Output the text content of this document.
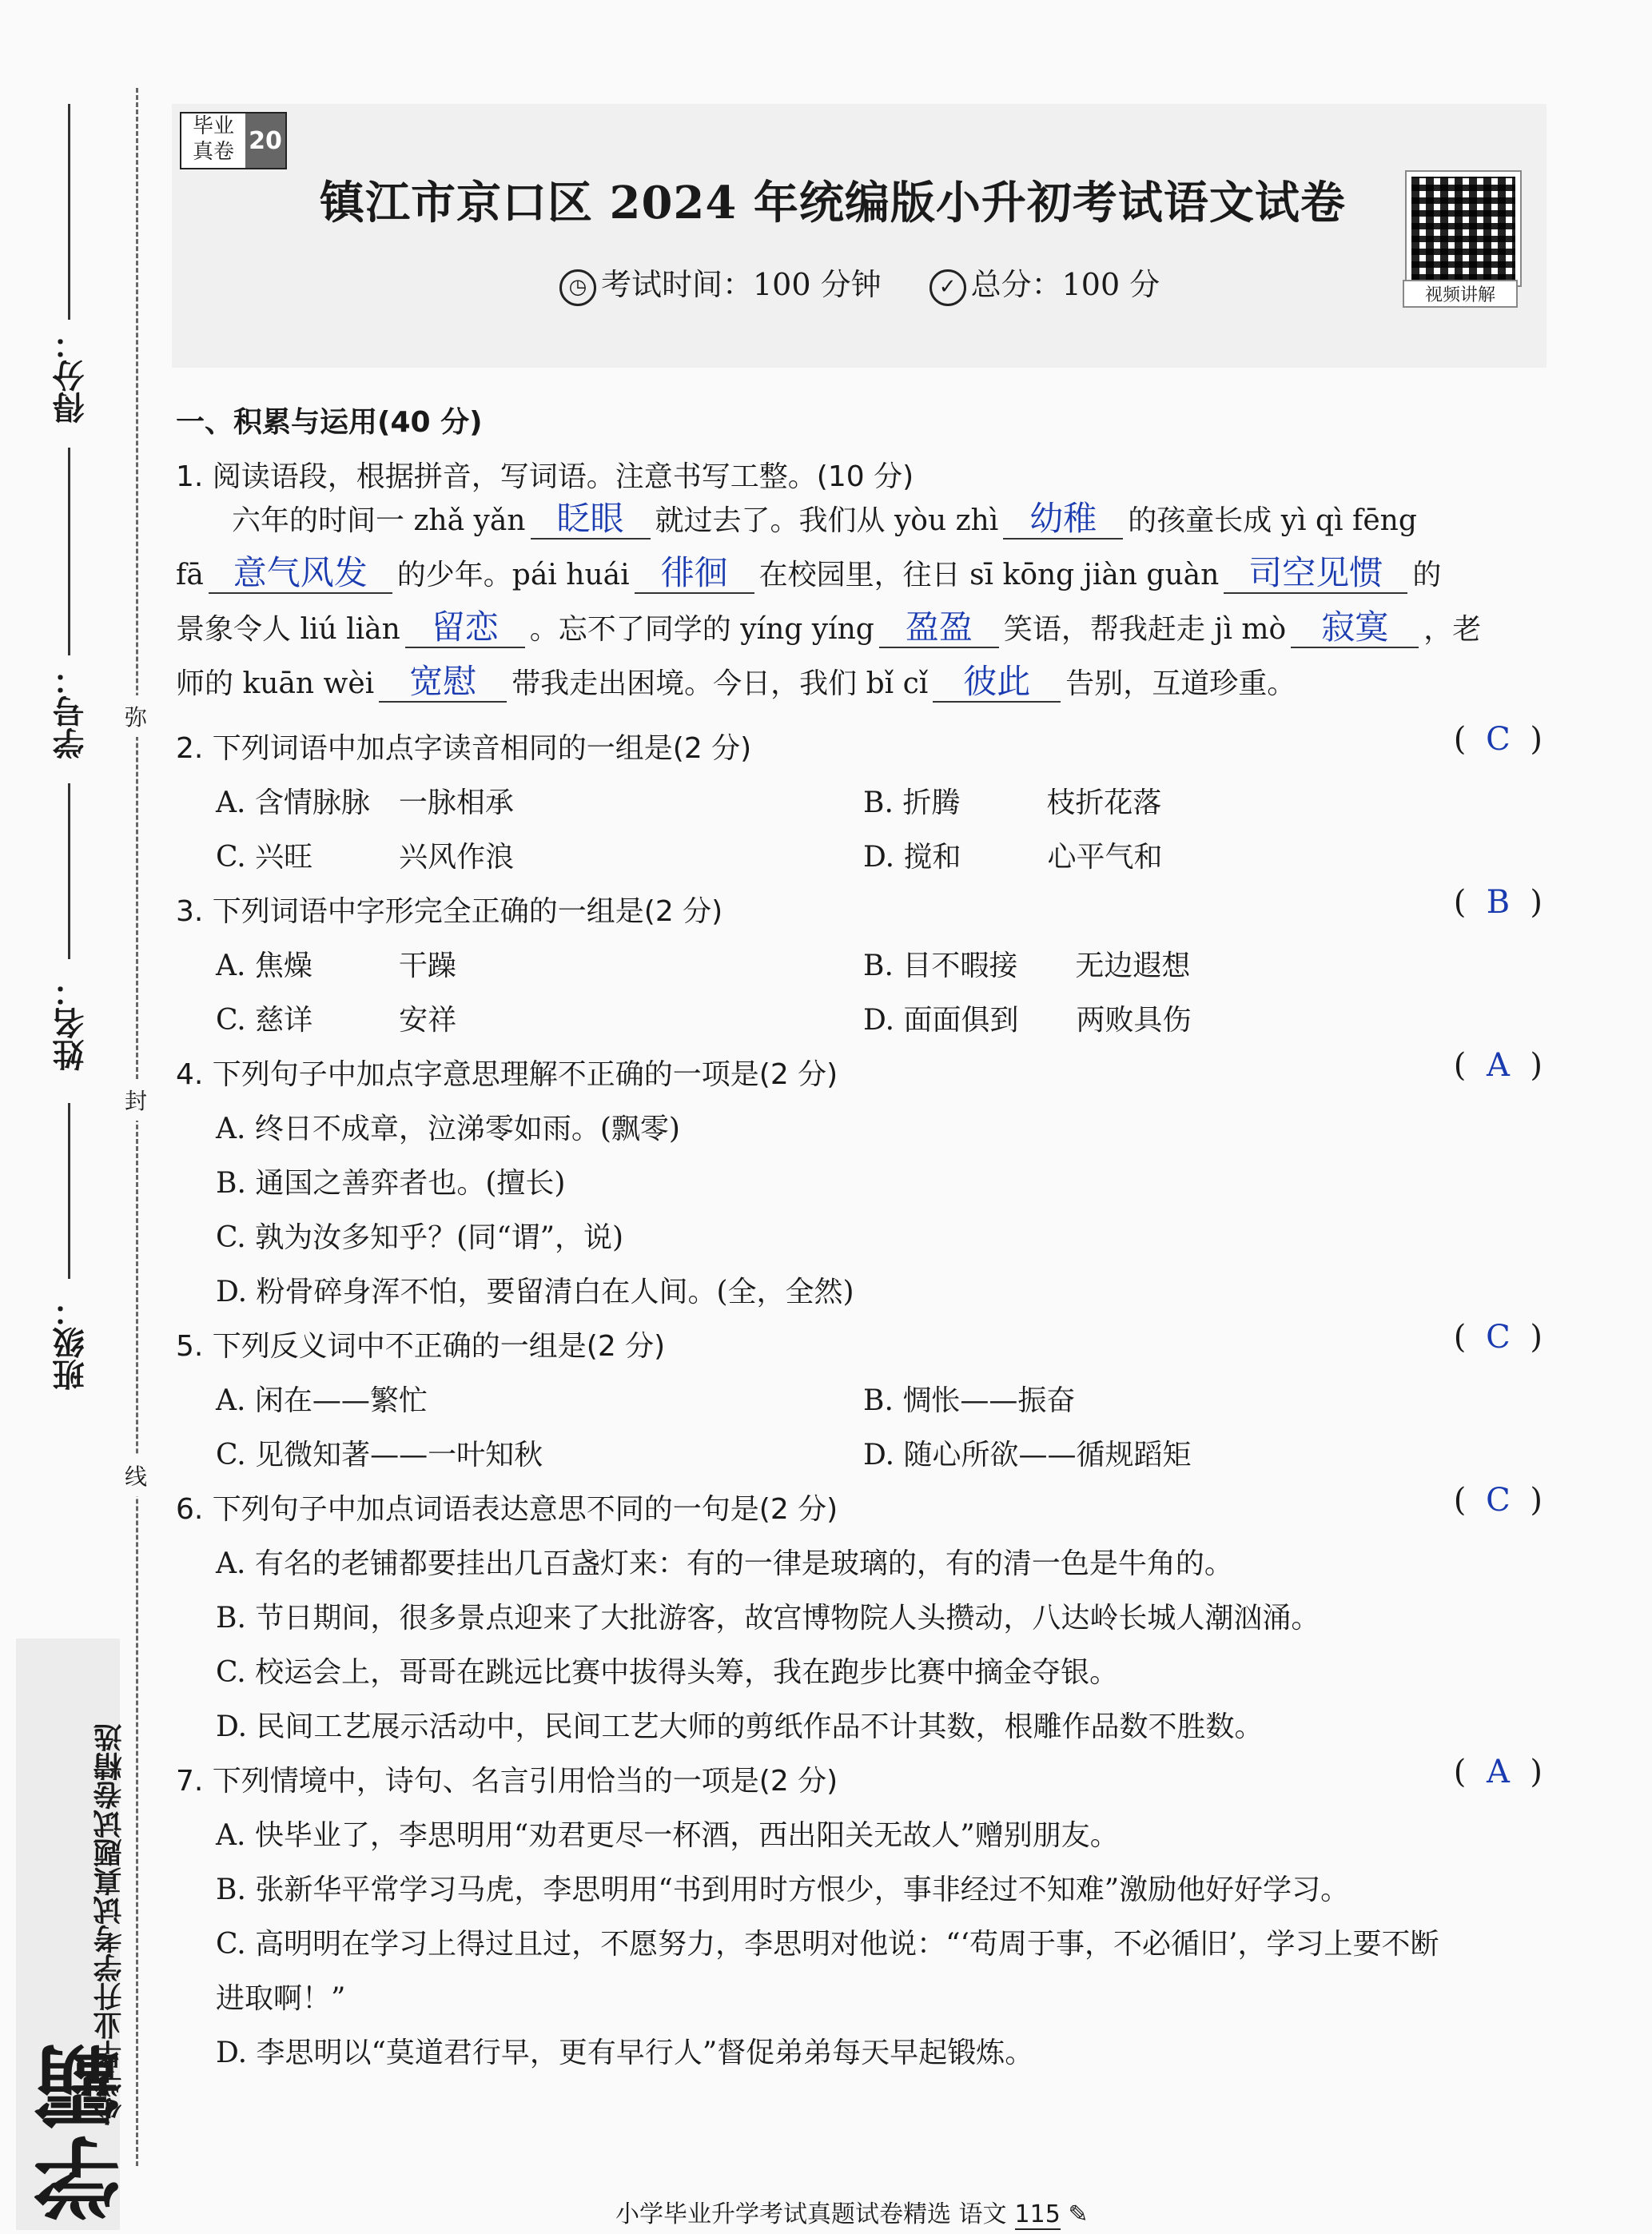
得分：
学号：
姓名：
班级：
弥
封
线
学霸
小学毕业升学考试真题试卷精选
毕业
真卷 20
镇江市京口区 2024 年统编版小升初考试语文试卷
◷ 考试时间：100 分钟	✓ 总分：100 分	视频讲解
一、积累与运用(40 分)
1. 阅读语段，根据拼音，写词语。注意书写工整。(10 分)
六年的时间一 zhǎ yǎn 眨眼 就过去了。我们从 yòu zhì 幼稚 的孩童长成 yì qì fēng
fā 意气风发 的少年。pái huái 徘徊 在校园里，往日 sī kōng jiàn guàn 司空见惯 的
景象令人 liú liàn 留恋 。忘不了同学的 yíng yíng 盈盈 笑语，帮我赶走 jì mò 寂寞 ，老
师的 kuān wèi 宽慰 带我走出困境。今日，我们 bǐ cǐ 彼此 告别，互道珍重。
2. 下列词语中加点字读音相同的一组是(2 分)	( C )
A. 含情脉脉　一脉相承	B. 折腾　　　枝折花落
C. 兴旺　　　兴风作浪	D. 搅和　　　心平气和
3. 下列词语中字形完全正确的一组是(2 分)	( B )
A. 焦燥　　　干躁	B. 目不暇接　　无边遐想
C. 慈详　　　安祥	D. 面面俱到　　两败具伤
4. 下列句子中加点字意思理解不正确的一项是(2 分)	( A )
A. 终日不成章，泣涕零如雨。(飘零)
B. 通国之善弈者也。(擅长)
C. 孰为汝多知乎？(同“谓”，说)
D. 粉骨碎身浑不怕，要留清白在人间。(全，全然)
5. 下列反义词中不正确的一组是(2 分)	( C )
A. 闲在——繁忙	B. 惆怅——振奋
C. 见微知著——一叶知秋	D. 随心所欲——循规蹈矩
6. 下列句子中加点词语表达意思不同的一句是(2 分)	( C )
A. 有名的老铺都要挂出几百盏灯来：有的一律是玻璃的，有的清一色是牛角的。
B. 节日期间，很多景点迎来了大批游客，故宫博物院人头攒动，八达岭长城人潮汹涌。
C. 校运会上，哥哥在跳远比赛中拔得头筹，我在跑步比赛中摘金夺银。
D. 民间工艺展示活动中，民间工艺大师的剪纸作品不计其数，根雕作品数不胜数。
7. 下列情境中，诗句、名言引用恰当的一项是(2 分)	( A )
A. 快毕业了，李思明用“劝君更尽一杯酒，西出阳关无故人”赠别朋友。
B. 张新华平常学习马虎，李思明用“书到用时方恨少，事非经过不知难”激励他好好学习。
C. 高明明在学习上得过且过，不愿努力，李思明对他说：“‘苟周于事，不必循旧’，学习上要不断
进取啊！”
D. 李思明以“莫道君行早，更有早行人”督促弟弟每天早起锻炼。
小学毕业升学考试真题试卷精选 语文 115 ✎
